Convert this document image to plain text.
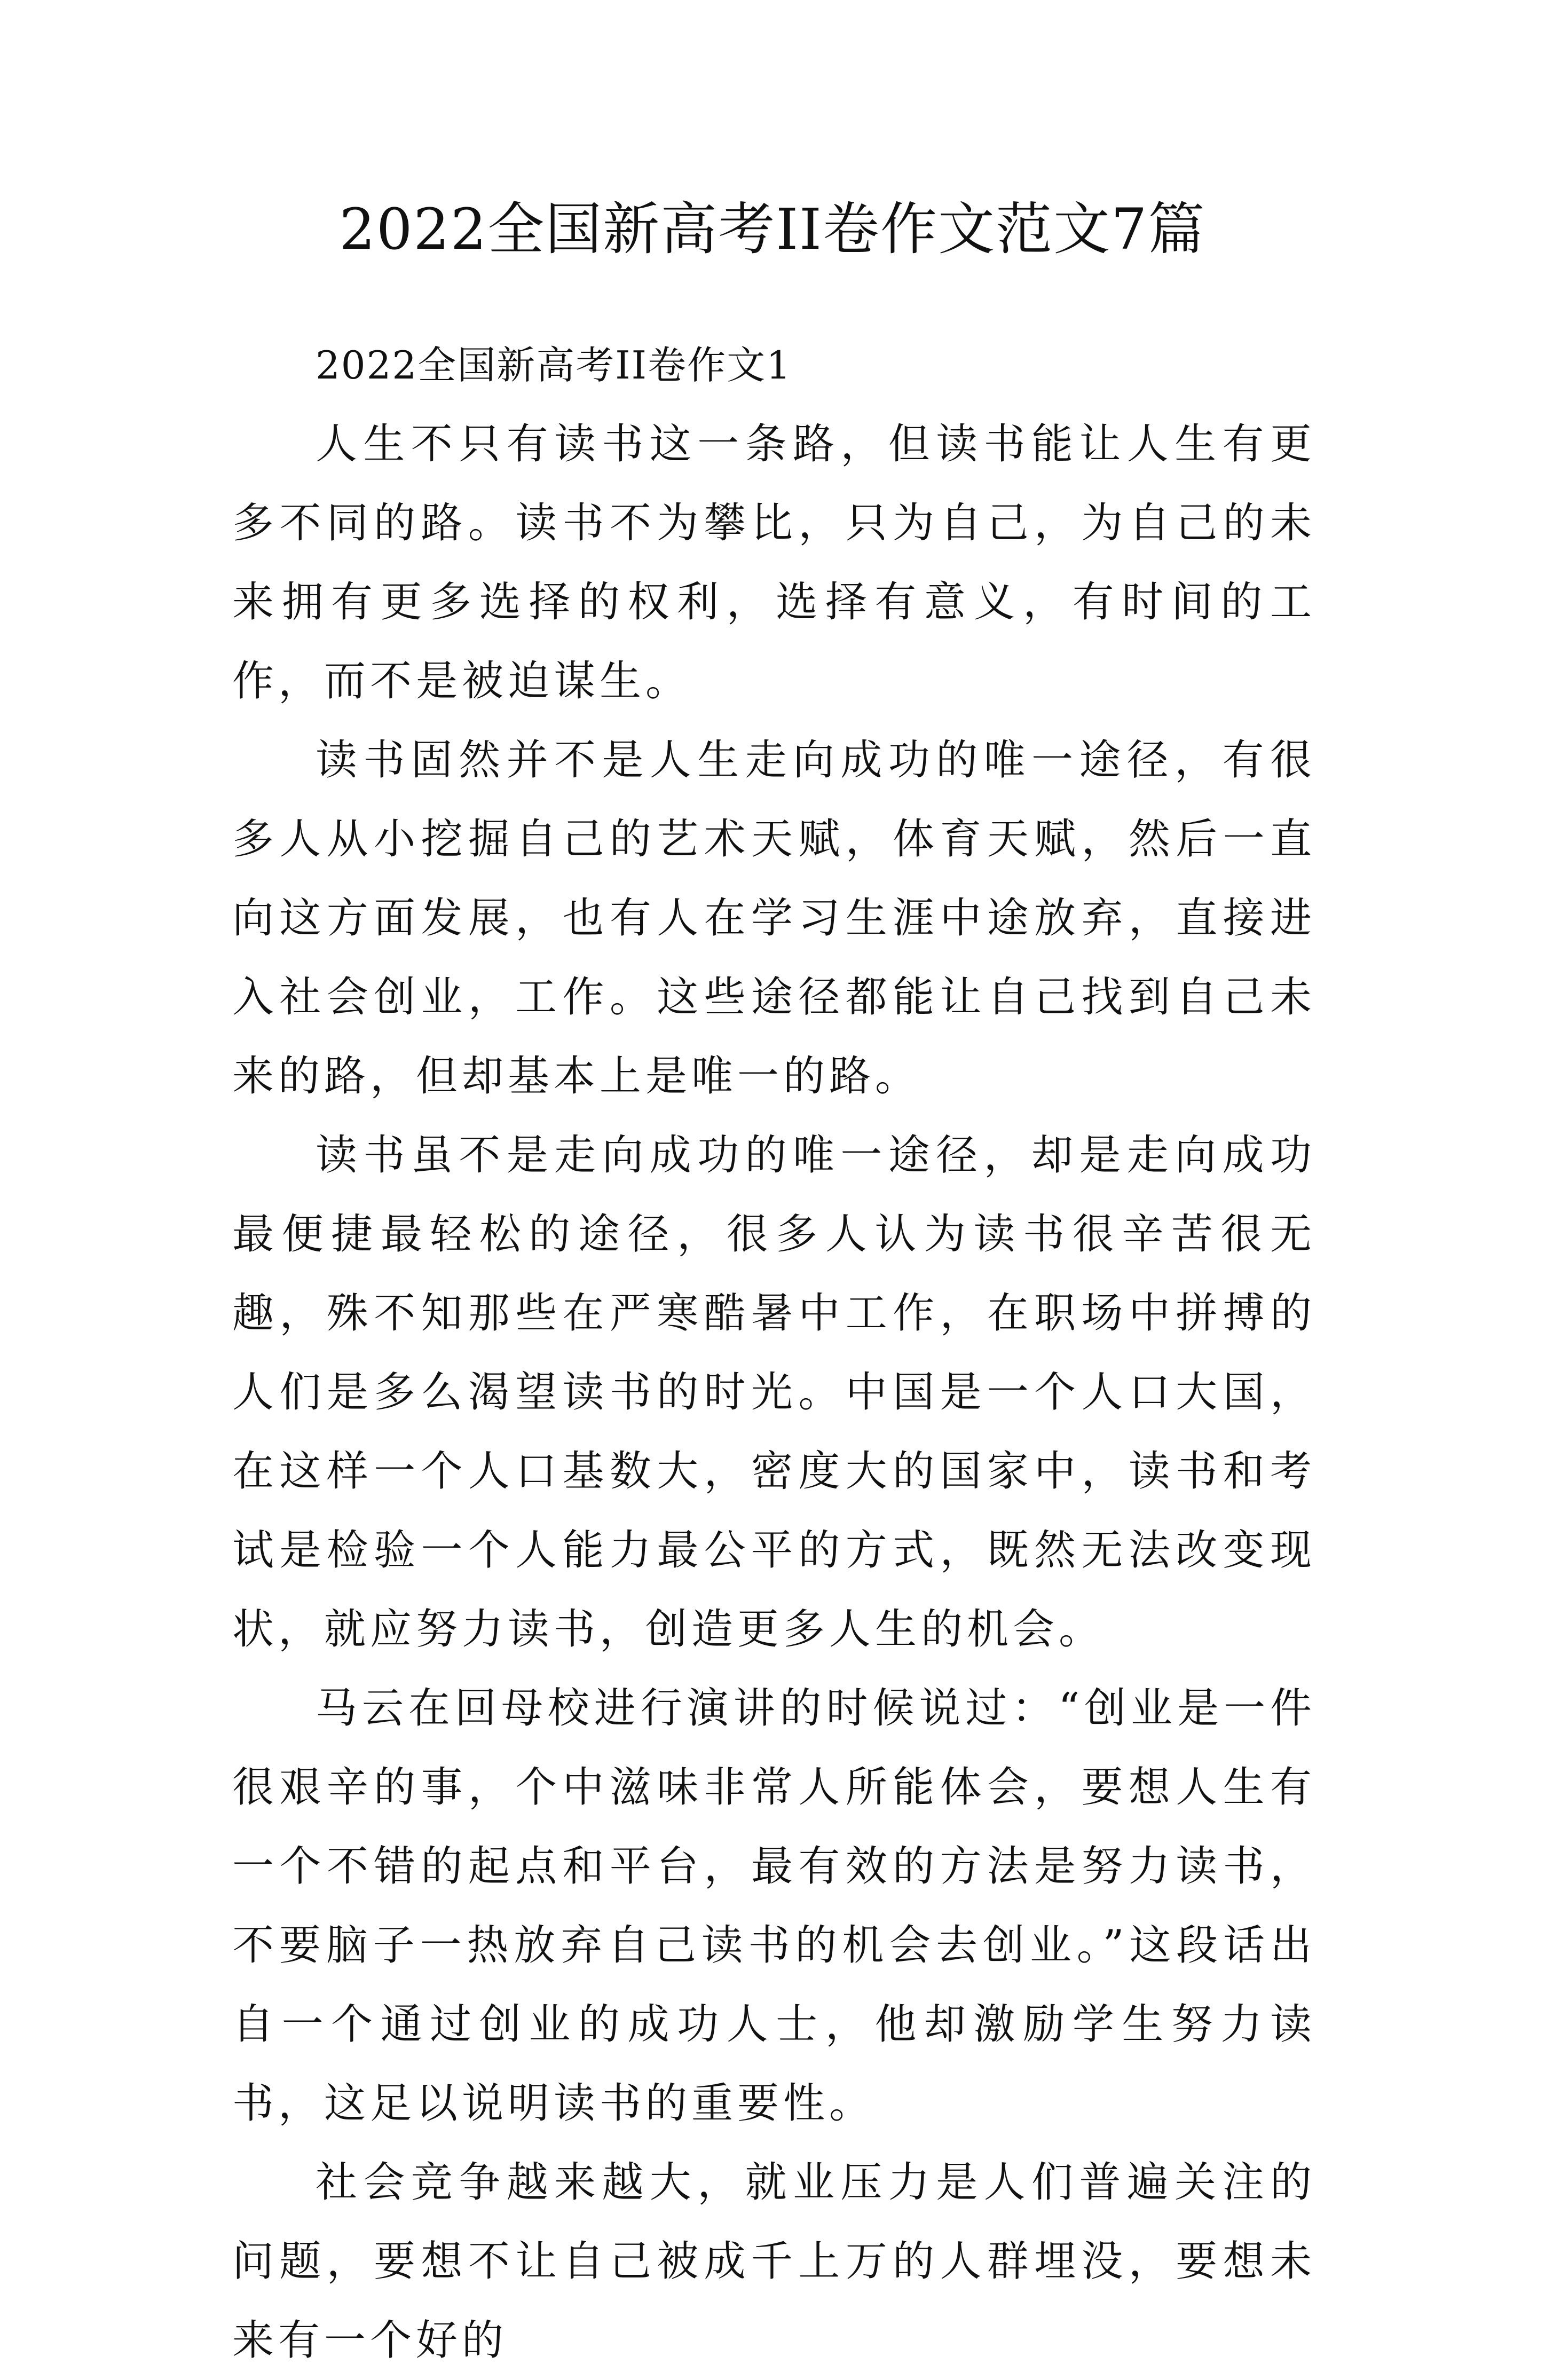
2022全国新高考II卷作文范文7篇

2022全国新高考II卷作文1

人生不只有读书这一条路，但读书能让人生有更多不同的路。读书不为攀比，只为自己，为自己的未来拥有更多选择的权利，选择有意义，有时间的工作，而不是被迫谋生。

读书固然并不是人生走向成功的唯一途径，有很多人从小挖掘自己的艺术天赋，体育天赋，然后一直向这方面发展，也有人在学习生涯中途放弃，直接进入社会创业，工作。这些途径都能让自己找到自己未来的路，但却基本上是唯一的路。

读书虽不是走向成功的唯一途径，却是走向成功最便捷最轻松的途径，很多人认为读书很辛苦很无趣，殊不知那些在严寒酷暑中工作，在职场中拼搏的人们是多么渴望读书的时光。中国是一个人口大国，在这样一个人口基数大，密度大的国家中，读书和考试是检验一个人能力最公平的方式，既然无法改变现状，就应努力读书，创造更多人生的机会。

马云在回母校进行演讲的时候说过：“创业是一件很艰辛的事，个中滋味非常人所能体会，要想人生有一个不错的起点和平台，最有效的方法是努力读书，不要脑子一热放弃自己读书的机会去创业。”这段话出自一个通过创业的成功人士，他却激励学生努力读书，这足以说明读书的重要性。

社会竞争越来越大，就业压力是人们普遍关注的问题，要想不让自己被成千上万的人群埋没，要想未来有一个好的
